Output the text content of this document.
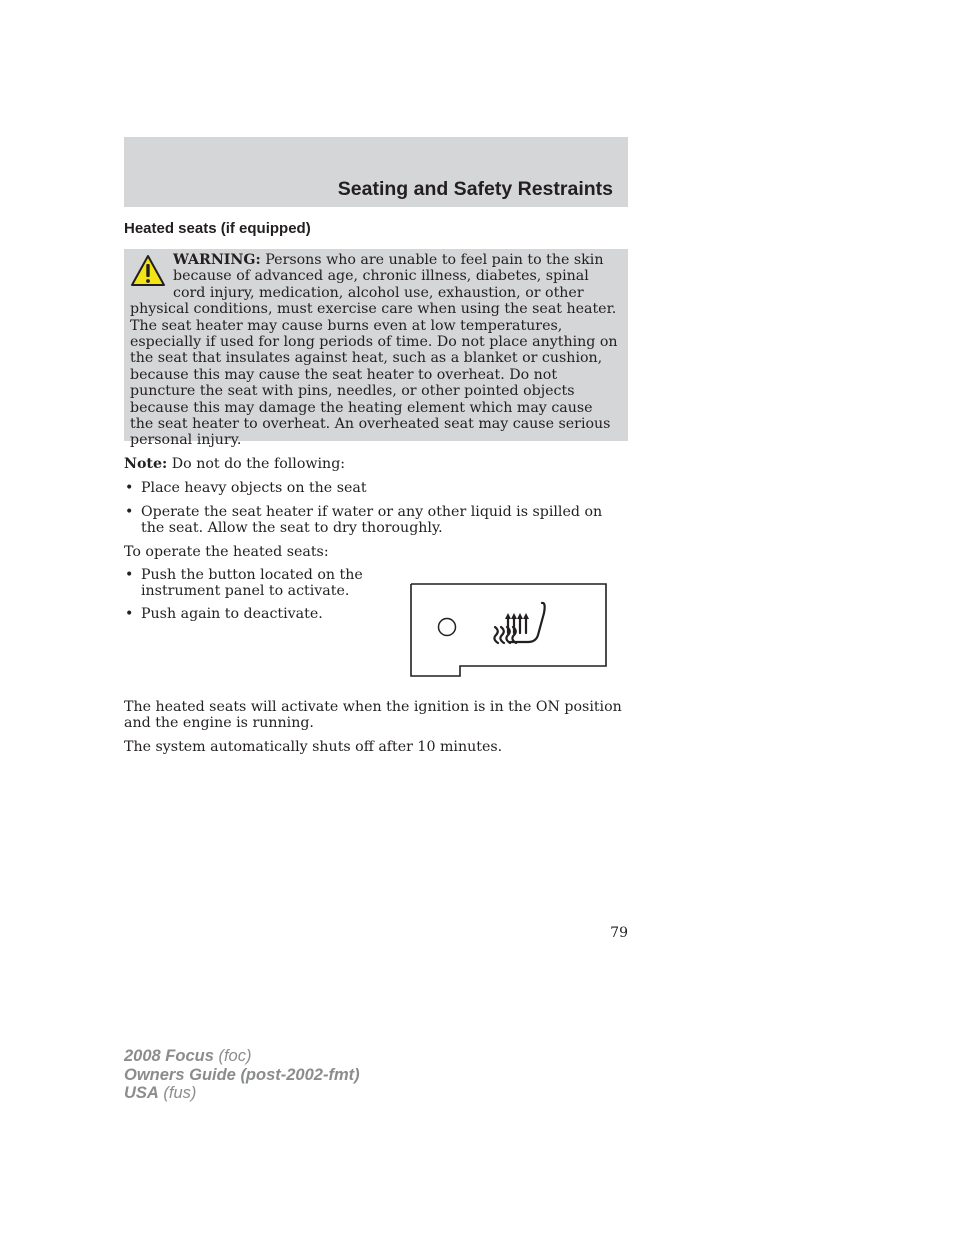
Seating and Safety Restraints
Heated seats (if equipped)

WARNING: Persons who are unable to feel pain to the skin because of advanced age, chronic illness, diabetes, spinal cord injury, medication, alcohol use, exhaustion, or other physical conditions, must exercise care when using the seat heater. The seat heater may cause burns even at low temperatures, especially if used for long periods of time. Do not place anything on the seat that insulates against heat, such as a blanket or cushion, because this may cause the seat heater to overheat. Do not puncture the seat with pins, needles, or other pointed objects because this may damage the heating element which may cause the seat heater to overheat. An overheated seat may cause serious personal injury.

Note: Do not do the following:

• Place heavy objects on the seat
• Operate the seat heater if water or any other liquid is spilled on the seat. Allow the seat to dry thoroughly.

To operate the heated seats:

• Push the button located on the instrument panel to activate.
• Push again to deactivate.

The heated seats will activate when the ignition is in the ON position and the engine is running.

The system automatically shuts off after 10 minutes.

79

2008 Focus (foc)
Owners Guide (post-2002-fmt)
USA (fus)
